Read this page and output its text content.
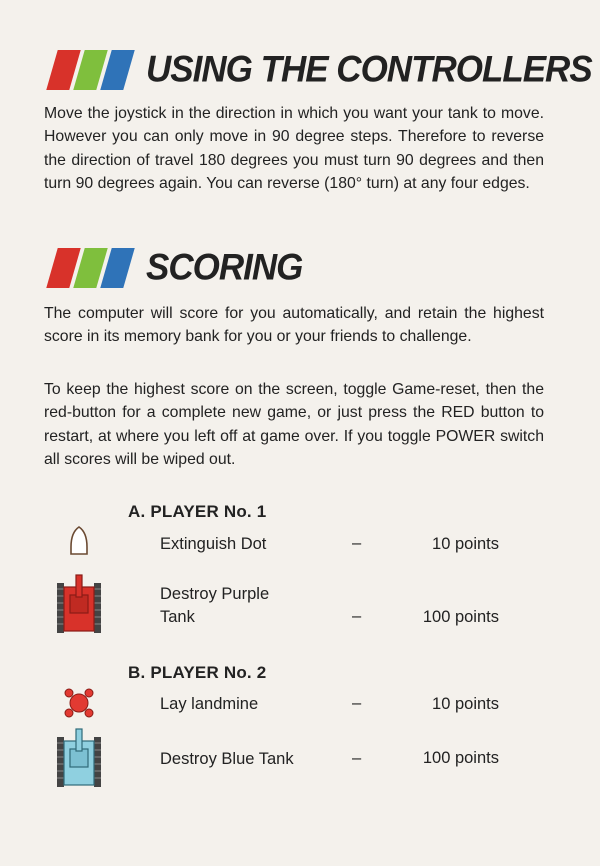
USING THE CONTROLLERS
Move the joystick in the direction in which you want your tank to move. However you can only move in 90 degree steps. Therefore to reverse the direction of travel 180 degrees you must turn 90 degrees and then turn 90 degrees again. You can reverse (180° turn) at any four edges.
SCORING
The computer will score for you automatically, and retain the highest score in its memory bank for you or your friends to challenge.
To keep the highest score on the screen, toggle Game-reset, then the red-button for a complete new game, or just press the RED button to restart, at where you left off at game over. If you toggle POWER switch all scores will be wiped out.
A. PLAYER No. 1
Extinguish Dot	–	10 points
Destroy Purple
Tank	–	100 points
B. PLAYER No. 2
Lay landmine	–	10 points
Destroy Blue Tank	–	100 points
